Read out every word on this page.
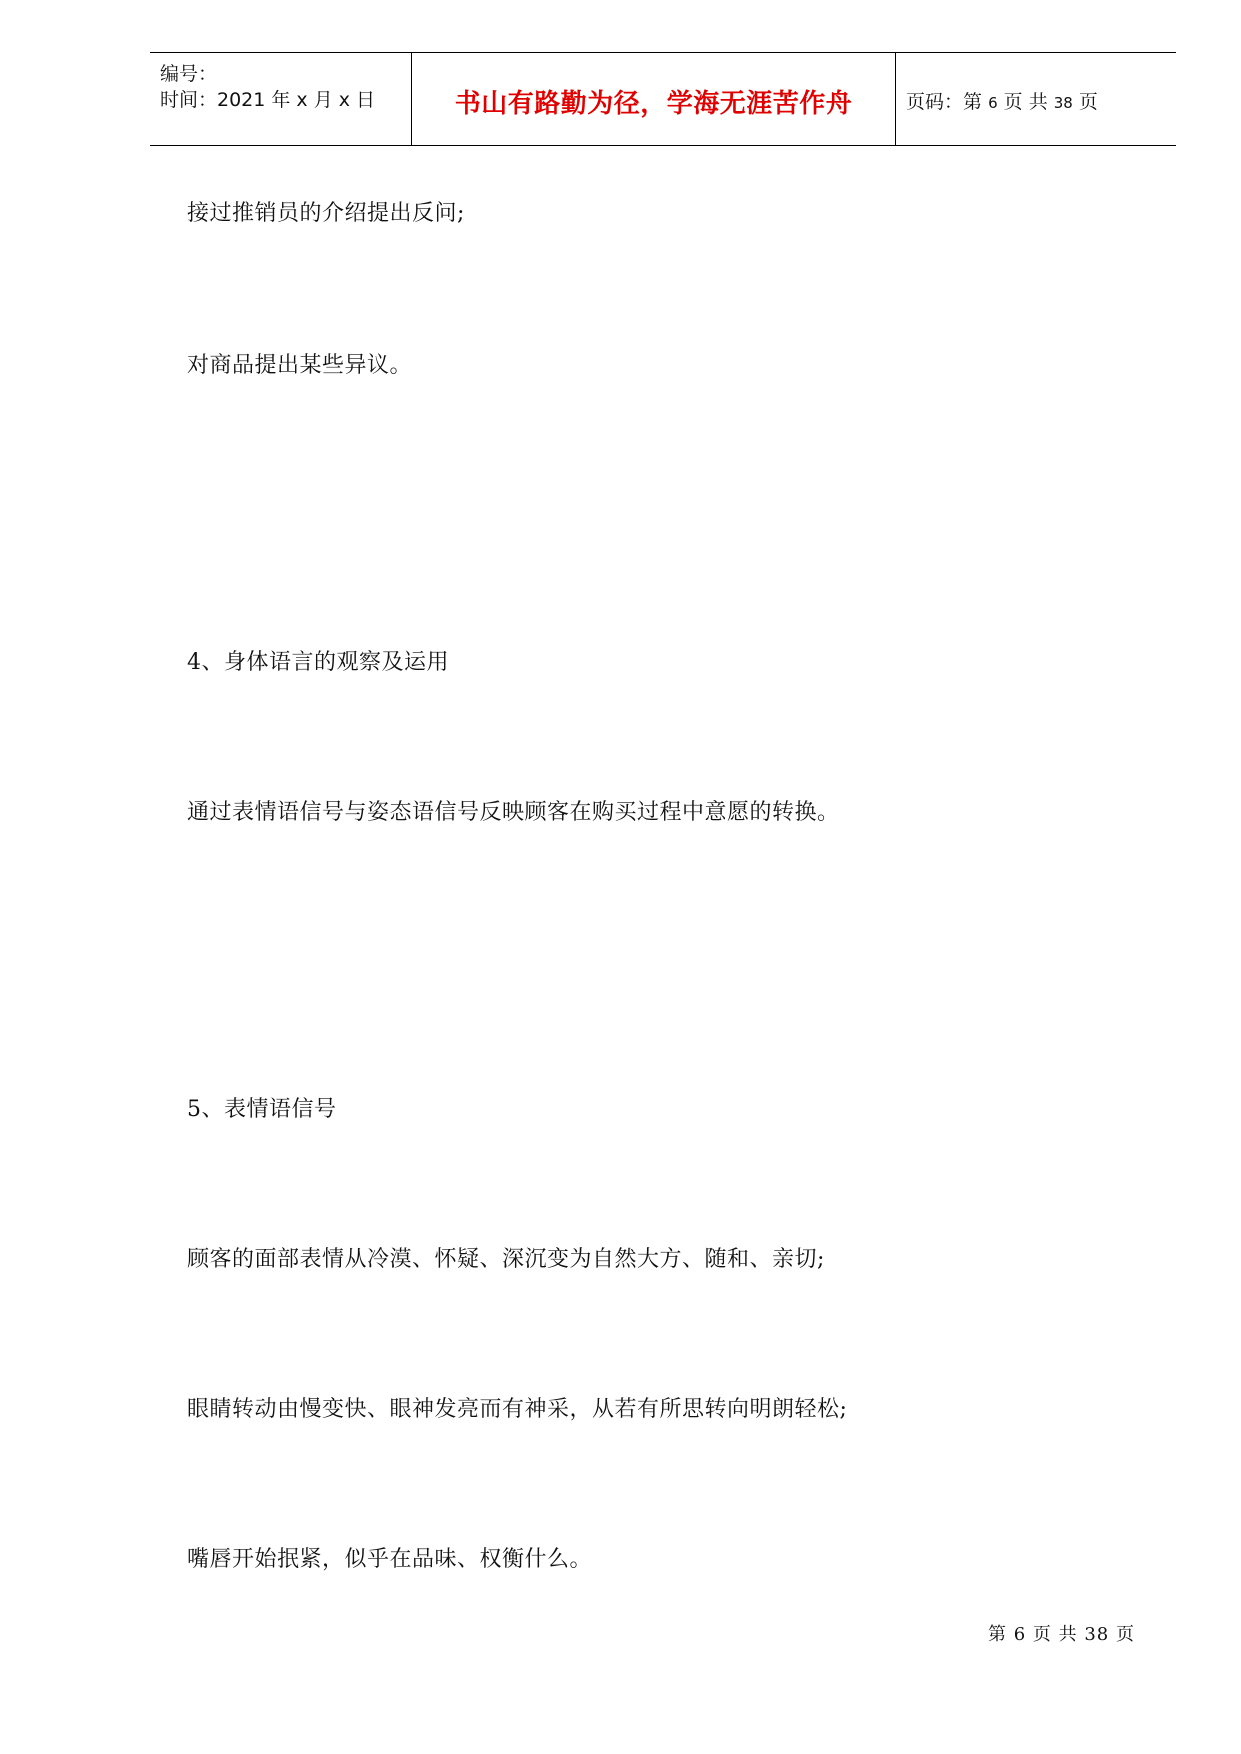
编号：
时间：2021 年 x 月 x 日	书山有路勤为径，学海无涯苦作舟	页码：第 6 页 共 38 页
接过推销员的介绍提出反问;
对商品提出某些异议。
4、身体语言的观察及运用
通过表情语信号与姿态语信号反映顾客在购买过程中意愿的转换。
5、表情语信号
顾客的面部表情从冷漠、怀疑、深沉变为自然大方、随和、亲切;
眼睛转动由慢变快、眼神发亮而有神采，从若有所思转向明朗轻松;
嘴唇开始抿紧，似乎在品味、权衡什么。
第 6 页 共 38 页
